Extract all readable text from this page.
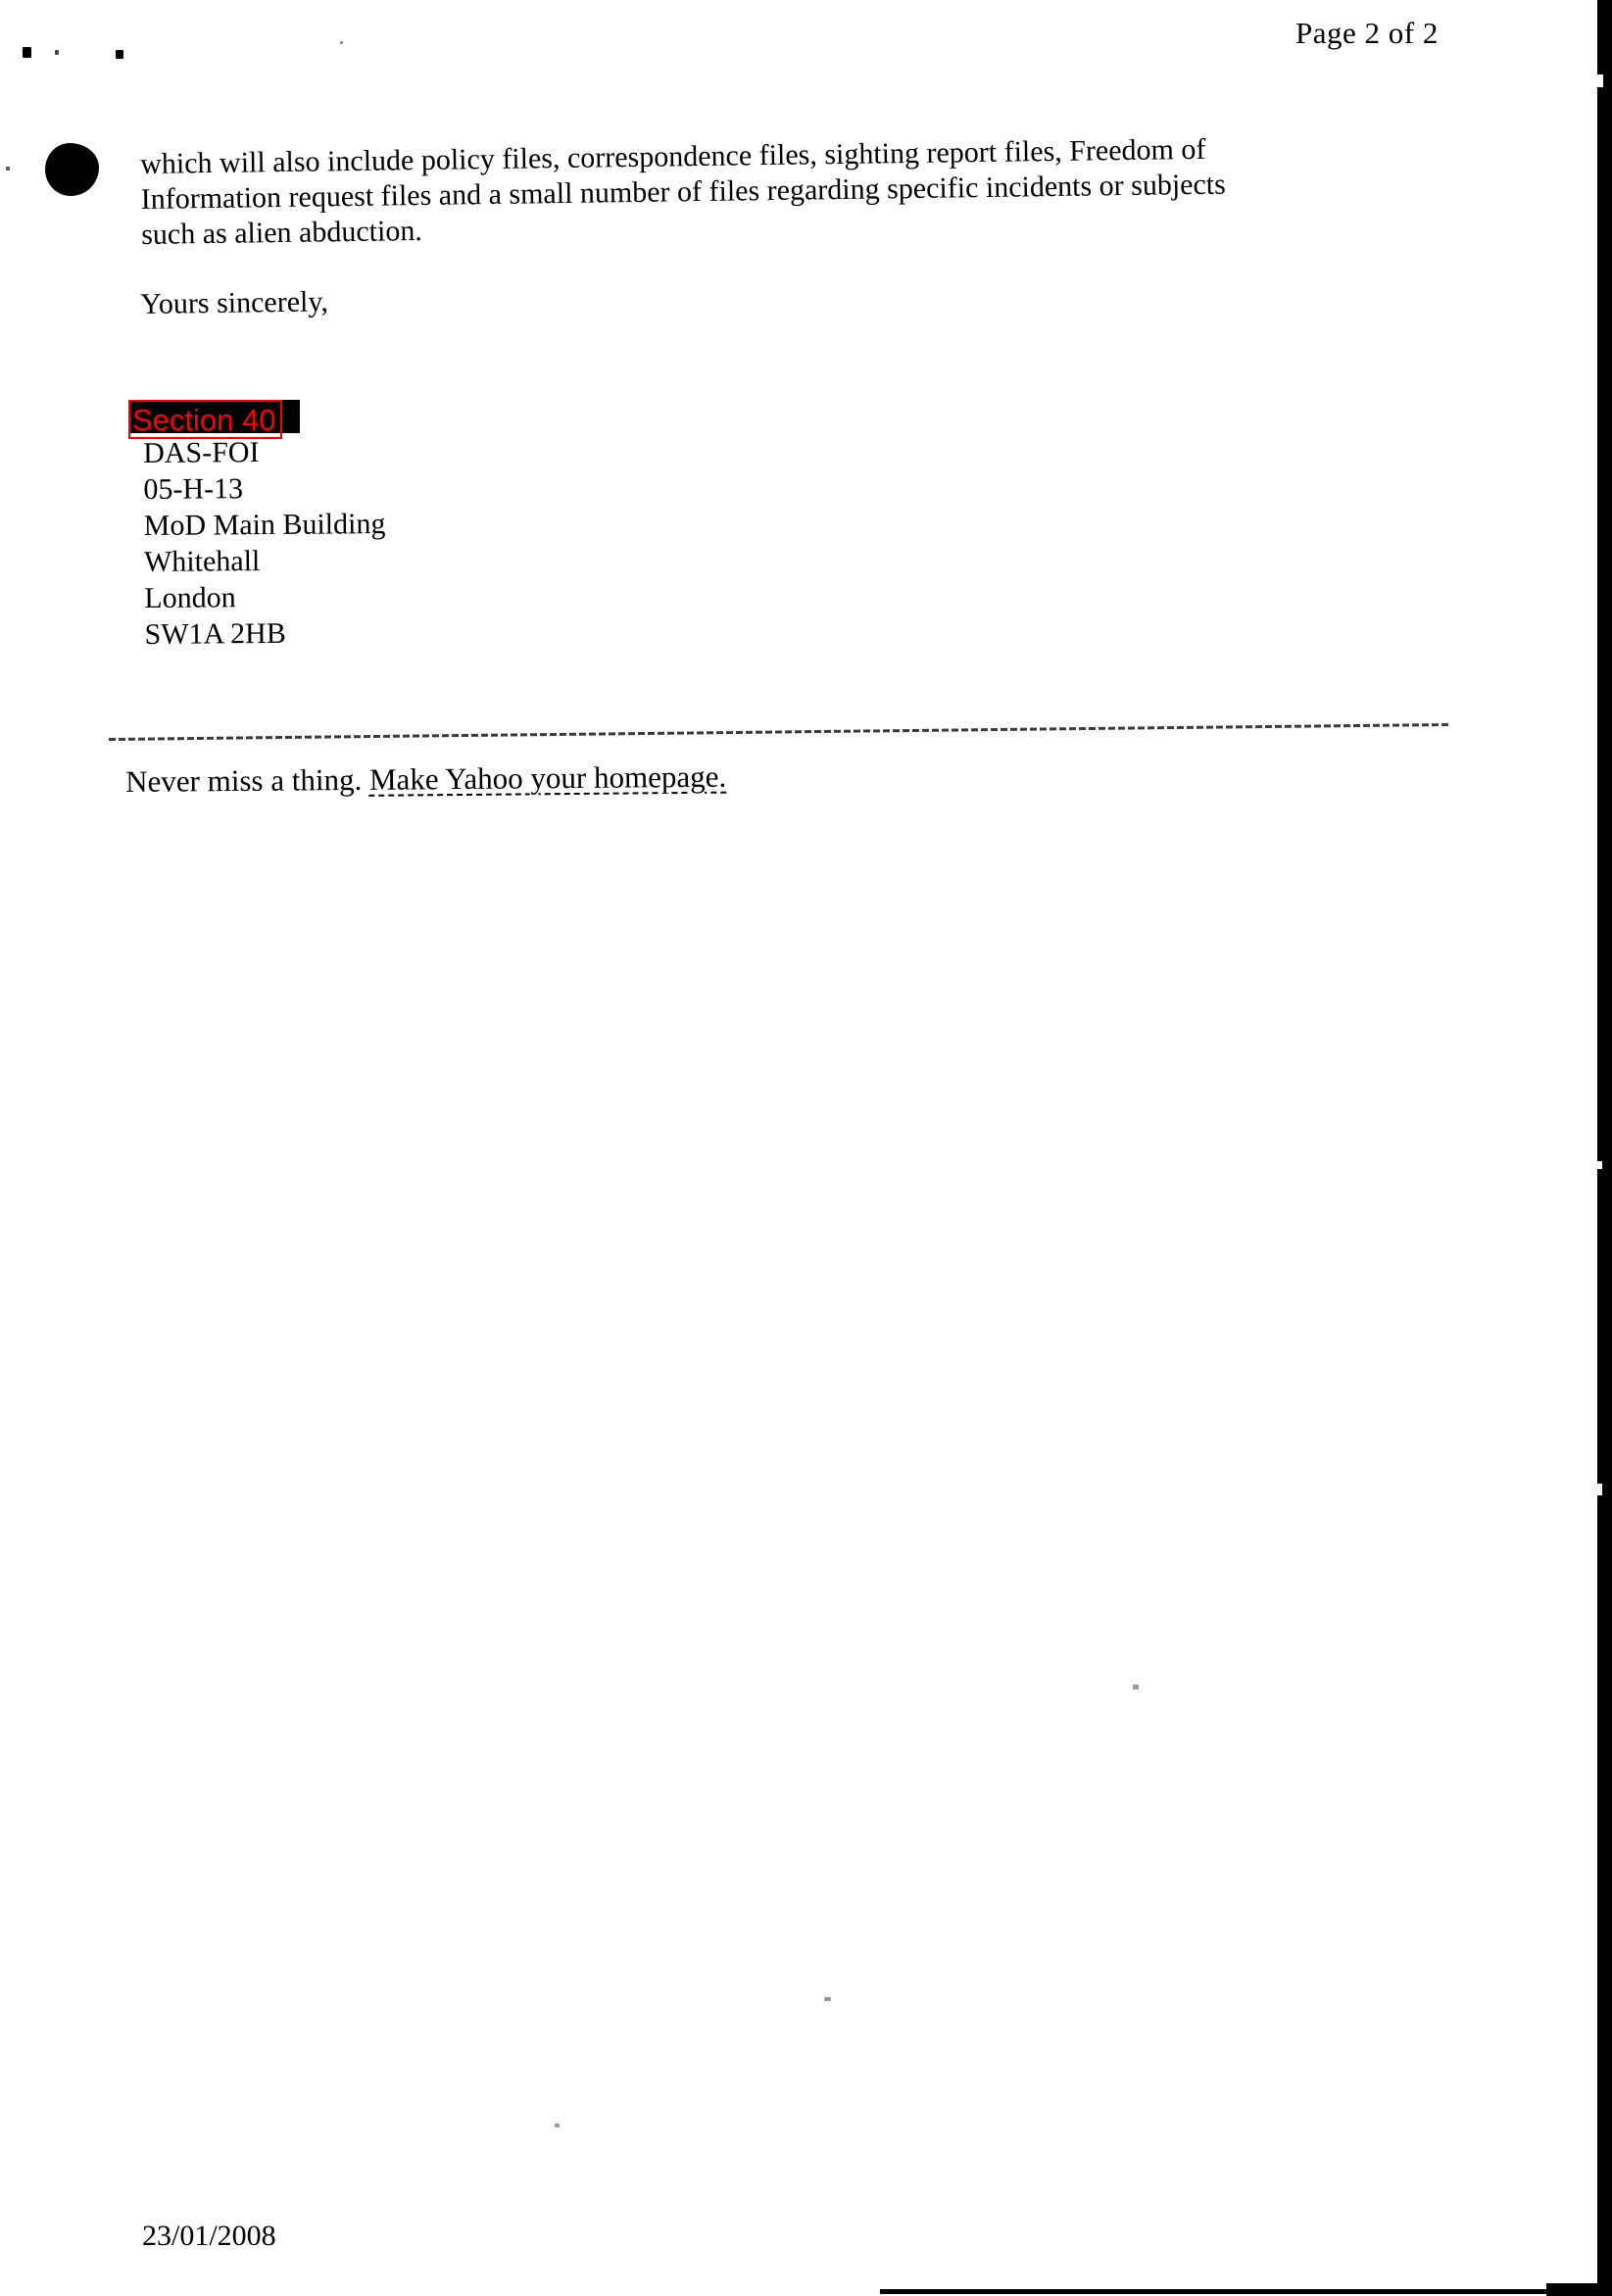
Page 2 of 2
which will also include policy files, correspondence files, sighting report files, Freedom of
Information request files and a small number of files regarding specific incidents or subjects
such as alien abduction.
Yours sincerely,
Section 40
DAS-FOI
05-H-13
MoD Main Building
Whitehall
London
SW1A 2HB
Never miss a thing. Make Yahoo your homepage.
23/01/2008
